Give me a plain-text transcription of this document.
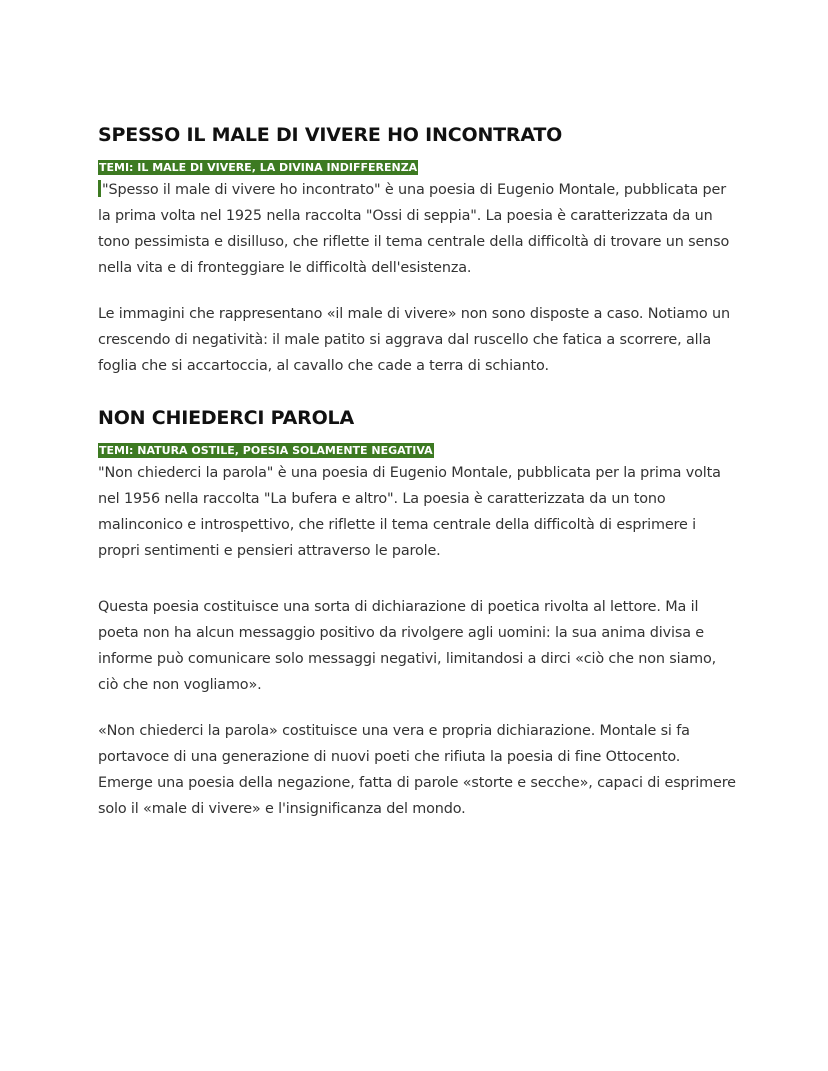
SPESSO IL MALE DI VIVERE HO INCONTRATO
TEMI: IL MALE DI VIVERE, LA DIVINA INDIFFERENZA

"Spesso il male di vivere ho incontrato" è una poesia di Eugenio Montale, pubblicata per la prima volta nel 1925 nella raccolta "Ossi di seppia". La poesia è caratterizzata da un tono pessimista e disilluso, che riflette il tema centrale della difficoltà di trovare un senso nella vita e di fronteggiare le difficoltà dell'esistenza.

Le immagini che rappresentano «il male di vivere» non sono disposte a caso. Notiamo un crescendo di negatività: il male patito si aggrava dal ruscello che fatica a scorrere, alla foglia che si accartoccia, al cavallo che cade a terra di schianto.

NON CHIEDERCI PAROLA
TEMI: NATURA OSTILE, POESIA SOLAMENTE NEGATIVA

"Non chiederci la parola" è una poesia di Eugenio Montale, pubblicata per la prima volta nel 1956 nella raccolta "La bufera e altro". La poesia è caratterizzata da un tono malinconico e introspettivo, che riflette il tema centrale della difficoltà di esprimere i propri sentimenti e pensieri attraverso le parole.

Questa poesia costituisce una sorta di dichiarazione di poetica rivolta al lettore. Ma il poeta non ha alcun messaggio positivo da rivolgere agli uomini: la sua anima divisa e informe può comunicare solo messaggi negativi, limitandosi a dirci «ciò che non siamo, ciò che non vogliamo».

«Non chiederci la parola» costituisce una vera e propria dichiarazione. Montale si fa portavoce di una generazione di nuovi poeti che rifiuta la poesia di fine Ottocento. Emerge una poesia della negazione, fatta di parole «storte e secche», capaci di esprimere solo il «male di vivere» e l'insignificanza del mondo.
